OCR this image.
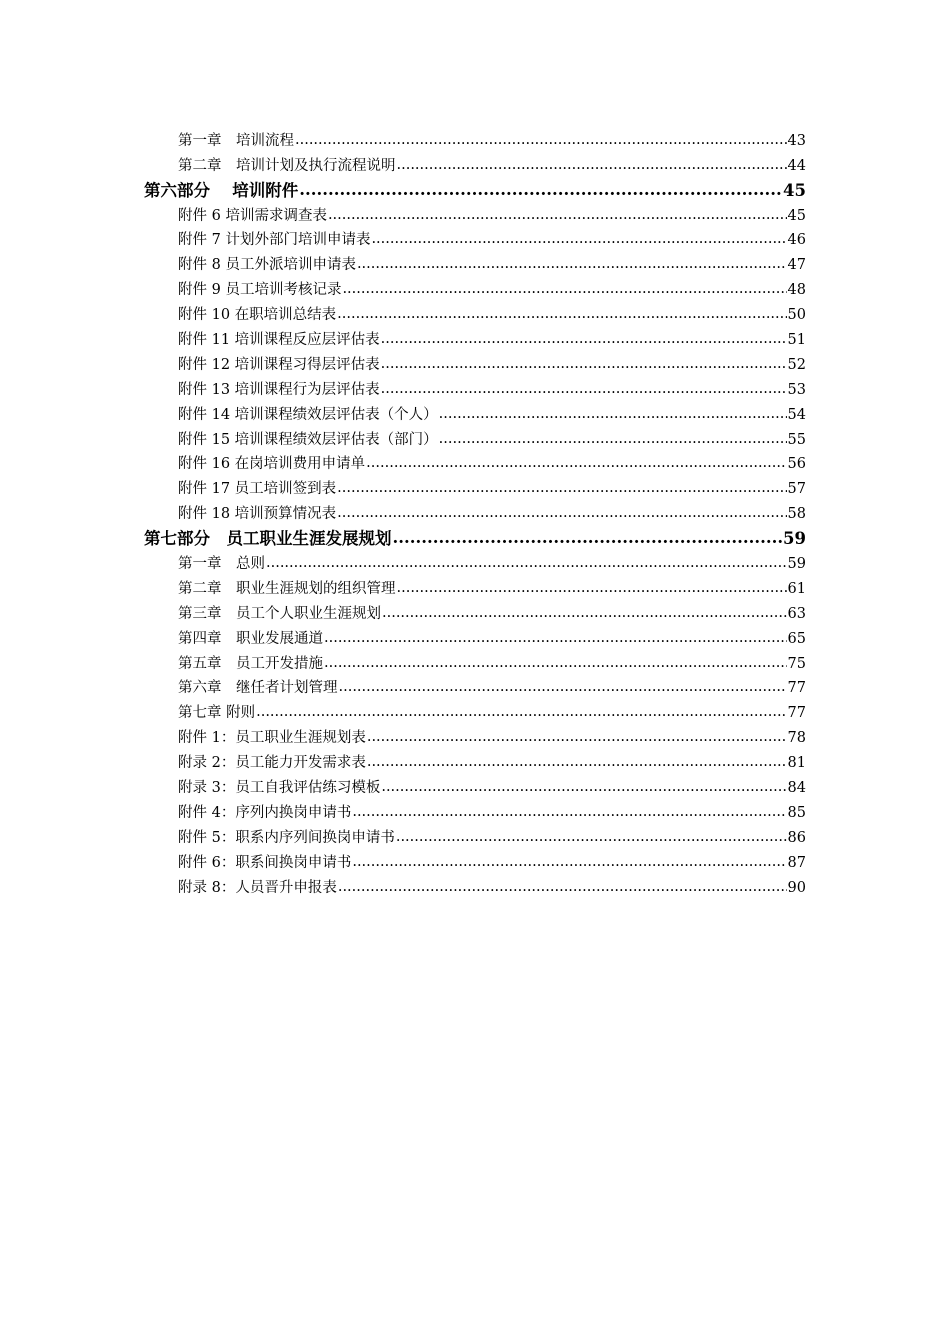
第一章　培训流程 .....	43
第二章　培训计划及执行流程说明 .....	44
第六部分　 培训附件 .....	45
附件 6 培训需求调查表 .....	45
附件 7 计划外部门培训申请表 .....	46
附件 8 员工外派培训申请表 .....	47
附件 9 员工培训考核记录 .....	48
附件 10 在职培训总结表 .....	50
附件 11 培训课程反应层评估表 .....	51
附件 12 培训课程习得层评估表 .....	52
附件 13 培训课程行为层评估表 .....	53
附件 14 培训课程绩效层评估表（个人） .....	54
附件 15 培训课程绩效层评估表（部门） .....	55
附件 16 在岗培训费用申请单 .....	56
附件 17 员工培训签到表 .....	57
附件 18 培训预算情况表 .....	58
第七部分　员工职业生涯发展规划 .....	59
第一章　总则 .....	59
第二章　职业生涯规划的组织管理 .....	61
第三章　员工个人职业生涯规划 .....	63
第四章　职业发展通道 .....	65
第五章　员工开发措施 .....	75
第六章　继任者计划管理 .....	77
第七章 附则 .....	77
附件 1：员工职业生涯规划表 .....	78
附录 2：员工能力开发需求表 .....	81
附录 3：员工自我评估练习模板 .....	84
附件 4：序列内换岗申请书 .....	85
附件 5：职系内序列间换岗申请书 .....	86
附件 6：职系间换岗申请书 .....	87
附录 8：人员晋升申报表 .....	90
